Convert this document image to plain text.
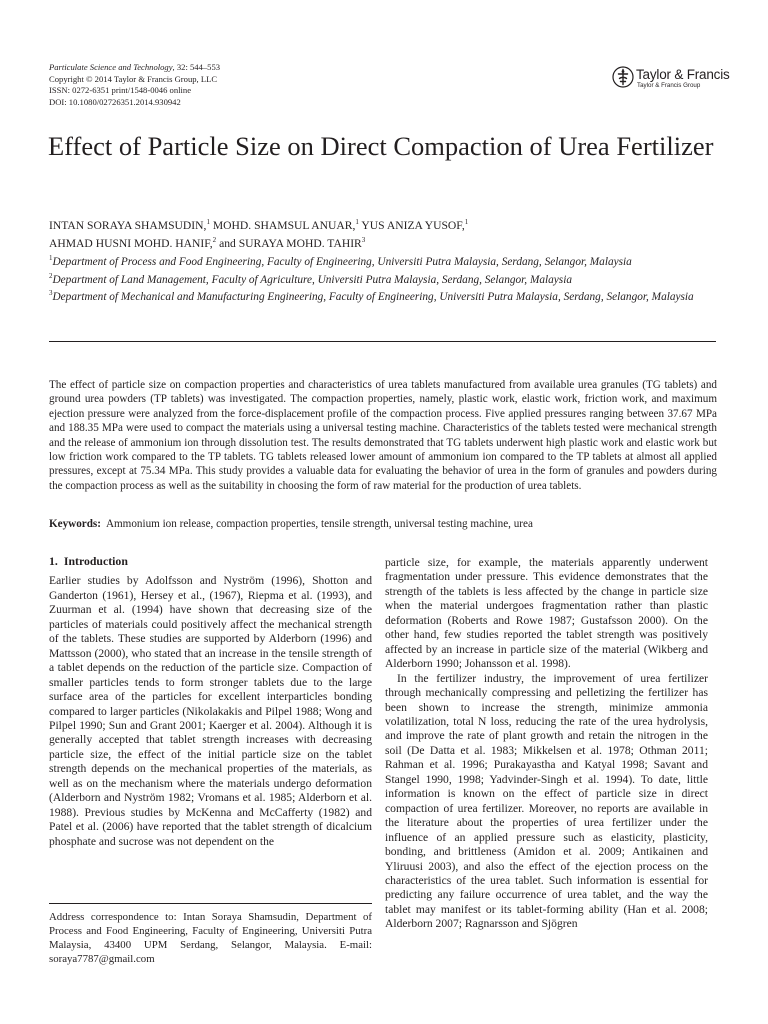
Particulate Science and Technology, 32: 544–553
Copyright © 2014 Taylor & Francis Group, LLC
ISSN: 0272-6351 print/1548-0046 online
DOI: 10.1080/02726351.2014.930942
Taylor & Francis
Taylor & Francis Group
Effect of Particle Size on Direct Compaction of Urea Fertilizer
INTAN SORAYA SHAMSUDIN,$^1$ MOHD. SHAMSUL ANUAR,$^1$ YUS ANIZA YUSOF,$^1$
AHMAD HUSNI MOHD. HANIF,$^2$ and SURAYA MOHD. TAHIR$^3$
$^1$Department of Process and Food Engineering, Faculty of Engineering, Universiti Putra Malaysia, Serdang, Selangor, Malaysia
$^2$Department of Land Management, Faculty of Agriculture, Universiti Putra Malaysia, Serdang, Selangor, Malaysia
$^3$Department of Mechanical and Manufacturing Engineering, Faculty of Engineering, Universiti Putra Malaysia, Serdang, Selangor, Malaysia
The effect of particle size on compaction properties and characteristics of urea tablets manufactured from available urea granules (TG tablets) and ground urea powders (TP tablets) was investigated. The compaction properties, namely, plastic work, elastic work, friction work, and maximum ejection pressure were analyzed from the force-displacement profile of the compaction process. Five applied pressures ranging between 37.67 MPa and 188.35 MPa were used to compact the materials using a universal testing machine. Characteristics of the tablets tested were mechanical strength and the release of ammonium ion through dissolution test. The results demonstrated that TG tablets underwent high plastic work and elastic work but low friction work compared to the TP tablets. TG tablets released lower amount of ammonium ion compared to the TP tablets at almost all applied pressures, except at 75.34 MPa. This study provides a valuable data for evaluating the behavior of urea in the form of granules and powders during the compaction process as well as the suitability in choosing the form of raw material for the production of urea tablets.
Keywords: Ammonium ion release, compaction properties, tensile strength, universal testing machine, urea
1. Introduction

Earlier studies by Adolfsson and Nyström (1996), Shotton and Ganderton (1961), Hersey et al., (1967), Riepma et al. (1993), and Zuurman et al. (1994) have shown that decreasing size of the particles of materials could positively affect the mechanical strength of the tablets. These studies are supported by Alderborn (1996) and Mattsson (2000), who stated that an increase in the tensile strength of a tablet depends on the reduction of the particle size. Compaction of smaller particles tends to form stronger tablets due to the large surface area of the particles for excellent interparticles bonding compared to larger particles (Nikolakakis and Pilpel 1988; Wong and Pilpel 1990; Sun and Grant 2001; Kaerger et al. 2004). Although it is generally accepted that tablet strength increases with decreasing particle size, the effect of the initial particle size on the tablet strength depends on the mechanical properties of the materials, as well as on the mechanism where the materials undergo deformation (Alderborn and Nyström 1982; Vromans et al. 1985; Alderborn et al. 1988). Previous studies by McKenna and McCafferty (1982) and Patel et al. (2006) have reported that the tablet strength of dicalcium phosphate and sucrose was not dependent on the

particle size, for example, the materials apparently underwent fragmentation under pressure. This evidence demonstrates that the strength of the tablets is less affected by the change in particle size when the material undergoes fragmentation rather than plastic deformation (Roberts and Rowe 1987; Gustafsson 2000). On the other hand, few studies reported the tablet strength was positively affected by an increase in particle size of the material (Wikberg and Alderborn 1990; Johansson et al. 1998).

In the fertilizer industry, the improvement of urea fertilizer through mechanically compressing and pelletizing the fertilizer has been shown to increase the strength, minimize ammonia volatilization, total N loss, reducing the rate of the urea hydrolysis, and improve the rate of plant growth and retain the nitrogen in the soil (De Datta et al. 1983; Mikkelsen et al. 1978; Othman 2011; Rahman et al. 1996; Purakayastha and Katyal 1998; Savant and Stangel 1990, 1998; Yadvinder-Singh et al. 1994). To date, little information is known on the effect of particle size in direct compaction of urea fertilizer. Moreover, no reports are available in the literature about the properties of urea fertilizer under the influence of an applied pressure such as elasticity, plasticity, bonding, and brittleness (Amidon et al. 2009; Antikainen and Yliruusi 2003), and also the effect of the ejection process on the characteristics of the urea tablet. Such information is essential for predicting any failure occurrence of urea tablet, and the way the tablet may manifest or its tablet-forming ability (Han et al. 2008; Alderborn 2007; Ragnarsson and Sjögren

Address correspondence to: Intan Soraya Shamsudin, Department of Process and Food Engineering, Faculty of Engineering, Universiti Putra Malaysia, 43400 UPM Serdang, Selangor, Malaysia. E-mail: soraya7787@gmail.com
